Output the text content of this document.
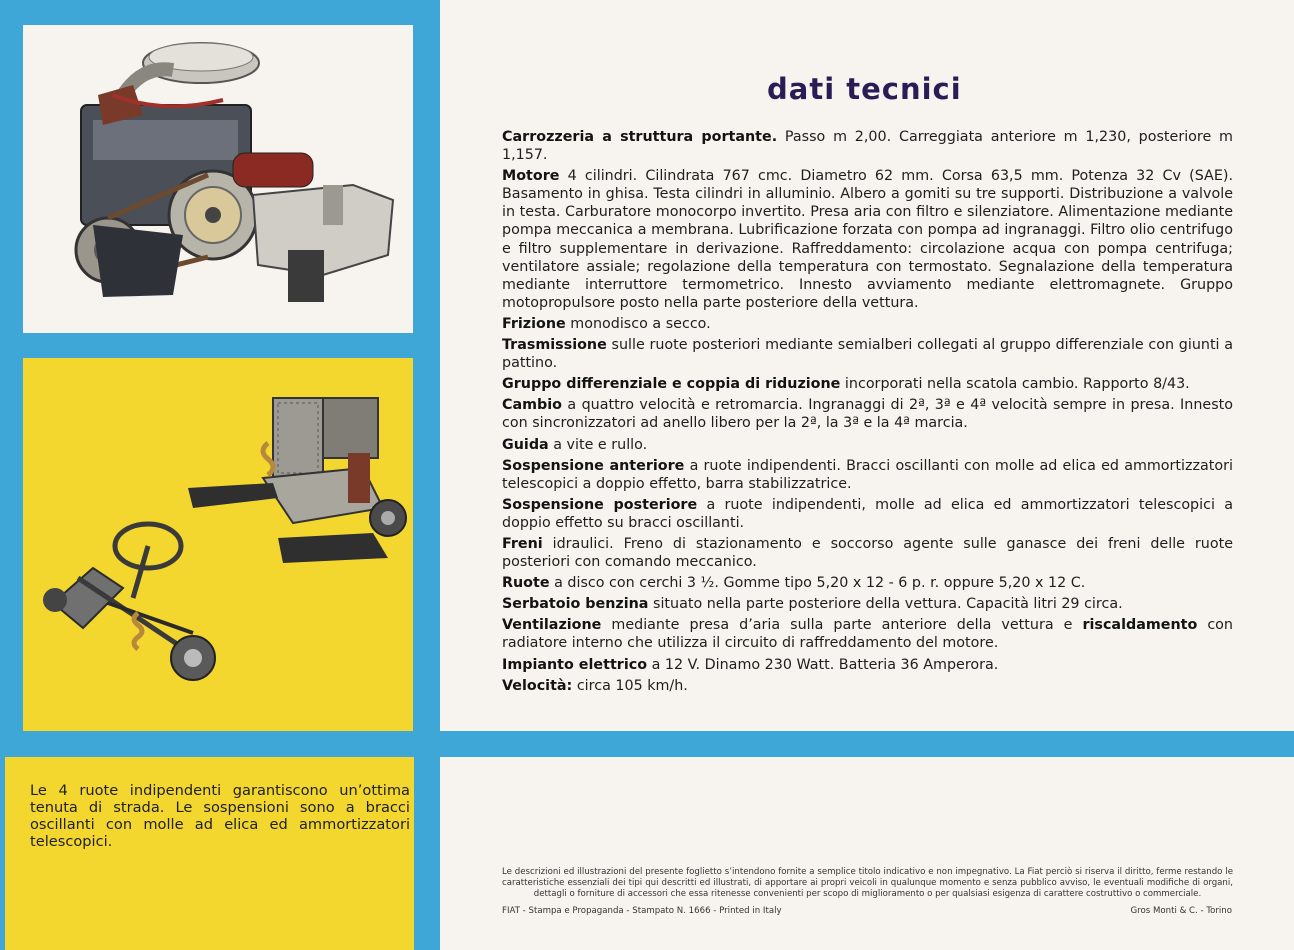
Le 4 ruote indipendenti garantiscono un’ottima tenuta di strada. Le sospensioni sono a bracci oscillanti con molle ad elica ed ammortizzatori telescopici.

dati tecnici

Carrozzeria a struttura portante. Passo m 2,00. Carreggiata anteriore m 1,230, posteriore m 1,157.

Motore 4 cilindri. Cilindrata 767 cmc. Diametro 62 mm. Corsa 63,5 mm. Potenza 32 Cv (SAE). Basamento in ghisa. Testa cilindri in alluminio. Albero a gomiti su tre supporti. Distribuzione a valvole in testa. Carburatore monocorpo invertito. Presa aria con filtro e silenziatore. Alimentazione mediante pompa meccanica a membrana. Lubrificazione forzata con pompa ad ingranaggi. Filtro olio centrifugo e filtro supplementare in derivazione. Raffreddamento: circolazione acqua con pompa centrifuga; ventilatore assiale; regolazione della temperatura con termostato. Segnalazione della temperatura mediante interruttore termometrico. Innesto avviamento mediante elettromagnete. Gruppo motopropulsore posto nella parte posteriore della vettura.

Frizione monodisco a secco.

Trasmissione sulle ruote posteriori mediante semialberi collegati al gruppo differenziale con giunti a pattino.

Gruppo differenziale e coppia di riduzione incorporati nella scatola cambio. Rapporto 8/43.

Cambio a quattro velocità e retromarcia. Ingranaggi di 2ª, 3ª e 4ª velocità sempre in presa. Innesto con sincronizzatori ad anello libero per la 2ª, la 3ª e la 4ª marcia.

Guida a vite e rullo.

Sospensione anteriore a ruote indipendenti. Bracci oscillanti con molle ad elica ed ammortizzatori telescopici a doppio effetto, barra stabilizzatrice.

Sospensione posteriore a ruote indipendenti, molle ad elica ed ammortizzatori telescopici a doppio effetto su bracci oscillanti.

Freni idraulici. Freno di stazionamento e soccorso agente sulle ganasce dei freni delle ruote posteriori con comando meccanico.

Ruote a disco con cerchi 3 ½. Gomme tipo 5,20 x 12 - 6 p. r. oppure 5,20 x 12 C.

Serbatoio benzina situato nella parte posteriore della vettura. Capacità litri 29 circa.

Ventilazione mediante presa d’aria sulla parte anteriore della vettura e riscaldamento con radiatore interno che utilizza il circuito di raffreddamento del motore.

Impianto elettrico a 12 V. Dinamo 230 Watt. Batteria 36 Amperora.

Velocità: circa 105 km/h.

Le descrizioni ed illustrazioni del presente foglietto s’intendono fornite a semplice titolo indicativo e non impegnativo. La Fiat perciò si riserva il diritto, ferme restando le caratteristiche essenziali dei tipi qui descritti ed illustrati, di apportare ai propri veicoli in qualunque momento e senza pubblico avviso, le eventuali modifiche di organi, dettagli o forniture di accessori che essa ritenesse convenienti per scopo di miglioramento o per qualsiasi esigenza di carattere costruttivo o commerciale.

FIAT - Stampa e Propaganda - Stampato N. 1666 - Printed in Italy	Gros Monti & C. - Torino
